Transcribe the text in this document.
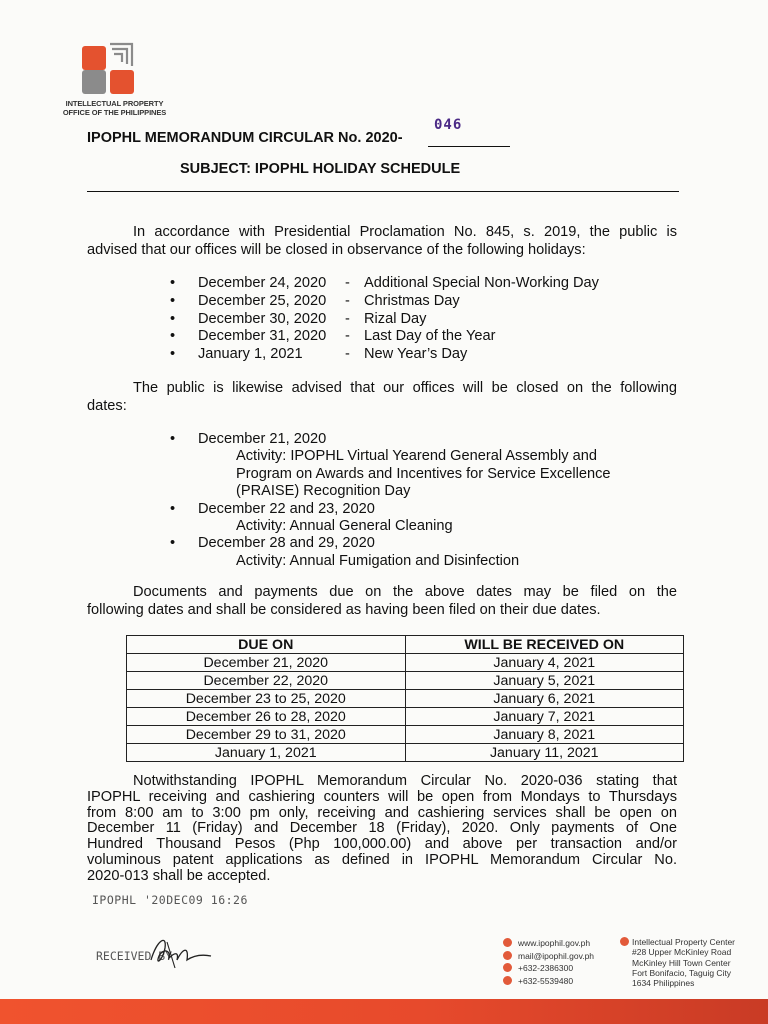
INTELLECTUAL PROPERTY
OFFICE OF THE PHILIPPINES
IPOPHL MEMORANDUM CIRCULAR No. 2020-
046
SUBJECT: IPOPHL HOLIDAY SCHEDULE
In accordance with Presidential Proclamation No. 845, s. 2019, the public is
advised that our offices will be closed in observance of the following holidays:
• December 24, 2020 - Additional Special Non-Working Day
• December 25, 2020 - Christmas Day
• December 30, 2020 - Rizal Day
• December 31, 2020 - Last Day of the Year
• January 1, 2021	- New Year’s Day
The public is likewise advised that our offices will be closed on the following
dates:
• December 21, 2020
Activity: IPOPHL Virtual Yearend General Assembly and
Program on Awards and Incentives for Service Excellence
(PRAISE) Recognition Day
• December 22 and 23, 2020
Activity: Annual General Cleaning
• December 28 and 29, 2020
Activity: Annual Fumigation and Disinfection
Documents and payments due on the above dates may be filed on the
following dates and shall be considered as having been filed on their due dates.
DUE ON	WILL BE RECEIVED ON
December 21, 2020	January 4, 2021
December 22, 2020	January 5, 2021
December 23 to 25, 2020	January 6, 2021
December 26 to 28, 2020	January 7, 2021
December 29 to 31, 2020	January 8, 2021
January 1, 2021	January 11, 2021
Notwithstanding IPOPHL Memorandum Circular No. 2020-036 stating that
IPOPHL receiving and cashiering counters will be open from Mondays to Thursdays
from 8:00 am to 3:00 pm only, receiving and cashiering services shall be open on
December 11 (Friday) and December 18 (Friday), 2020. Only payments of One
Hundred Thousand Pesos (Php 100,000.00) and above per transaction and/or
voluminous patent applications as defined in IPOPHL Memorandum Circular No.
2020-013 shall be accepted.
IPOPHL '20DEC09 16:26
RECEIVED BY
www.ipophil.gov.ph
mail@ipophil.gov.ph
+632-2386300
+632-5539480
Intellectual Property Center
#28 Upper McKinley Road
McKinley Hill Town Center
Fort Bonifacio, Taguig City
1634 Philippines
